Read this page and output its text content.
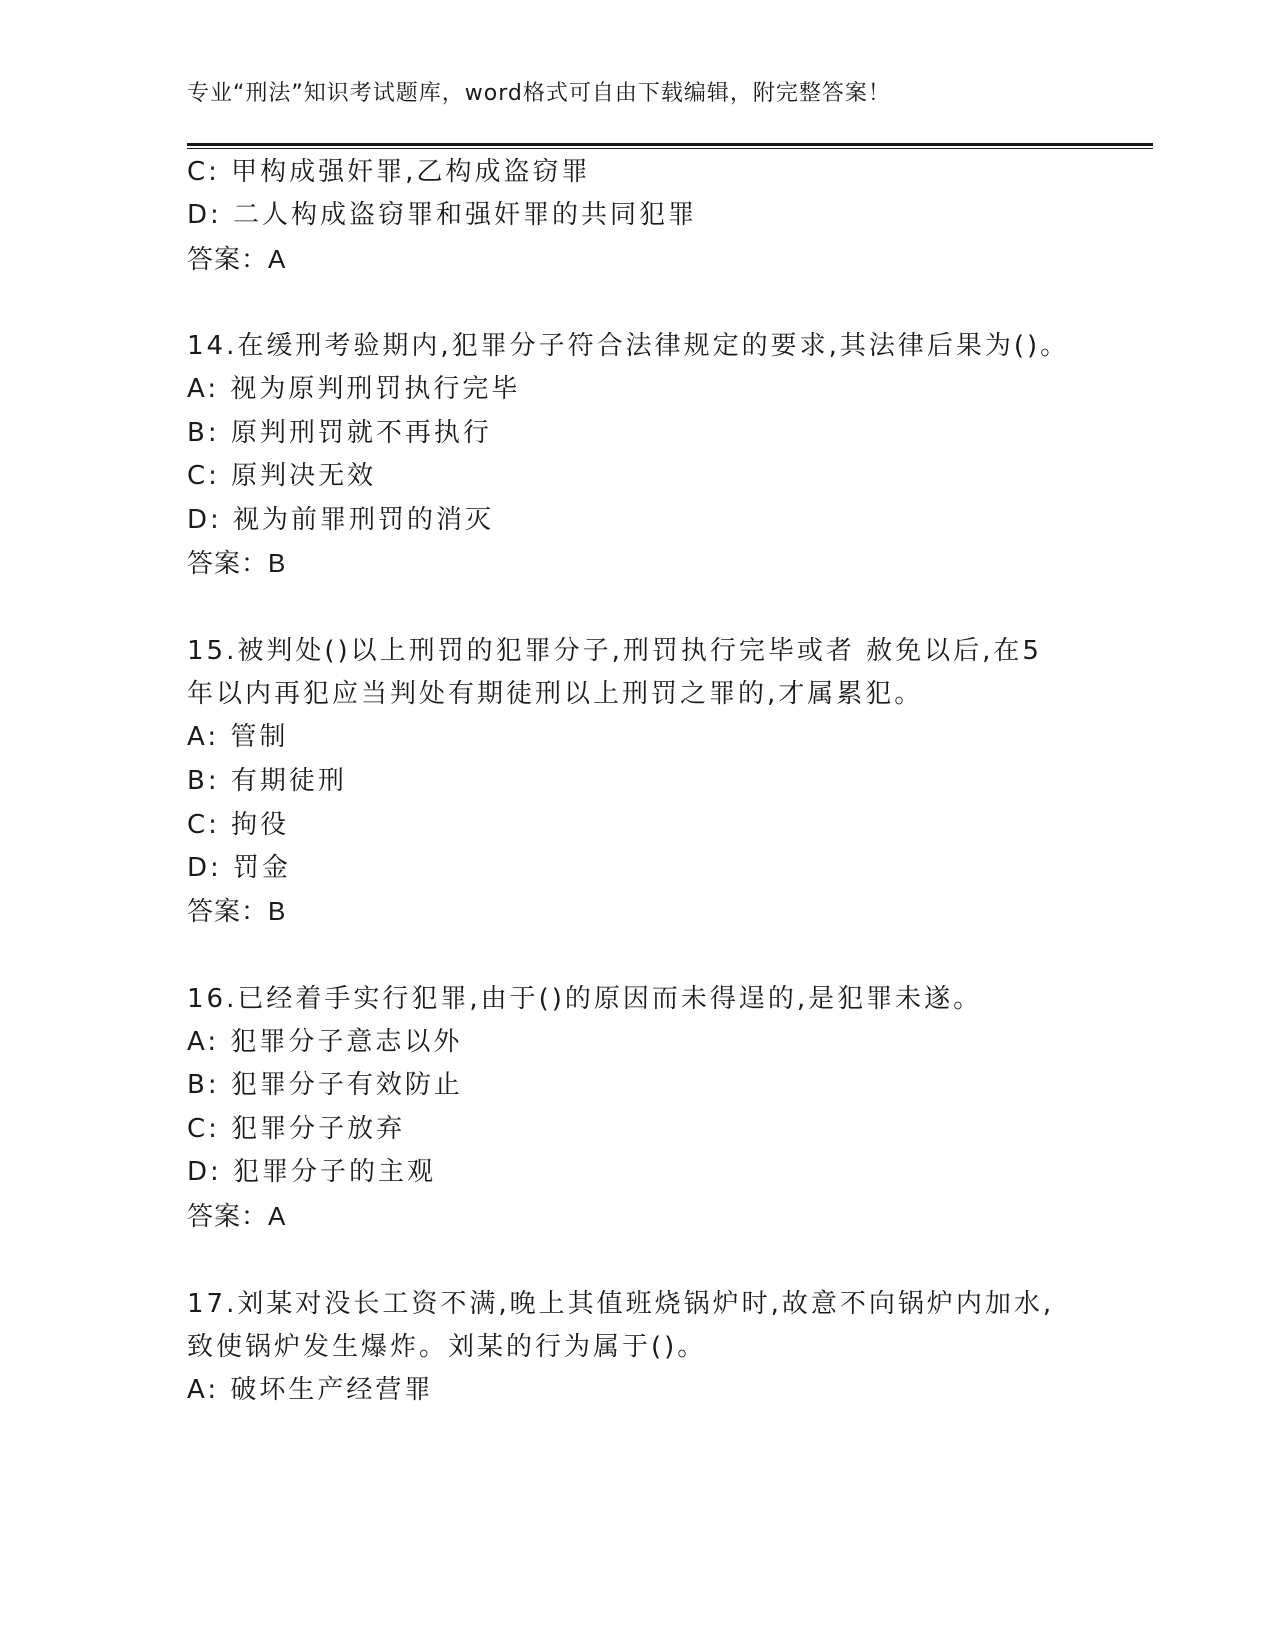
专业“刑法”知识考试题库，word格式可自由下载编辑，附完整答案！
C: 甲构成强奸罪,乙构成盗窃罪
D: 二人构成盗窃罪和强奸罪的共同犯罪
答案：A
14.在缓刑考验期内,犯罪分子符合法律规定的要求,其法律后果为()。
A: 视为原判刑罚执行完毕
B: 原判刑罚就不再执行
C: 原判决无效
D: 视为前罪刑罚的消灭
答案：B
15.被判处()以上刑罚的犯罪分子,刑罚执行完毕或者 赦免以后,在5
年以内再犯应当判处有期徒刑以上刑罚之罪的,才属累犯。
A: 管制
B: 有期徒刑
C: 拘役
D: 罚金
答案：B
16.已经着手实行犯罪,由于()的原因而未得逞的,是犯罪未遂。
A: 犯罪分子意志以外
B: 犯罪分子有效防止
C: 犯罪分子放弃
D: 犯罪分子的主观
答案：A
17.刘某对没长工资不满,晚上其值班烧锅炉时,故意不向锅炉内加水,
致使锅炉发生爆炸。刘某的行为属于()。
A: 破坏生产经营罪
